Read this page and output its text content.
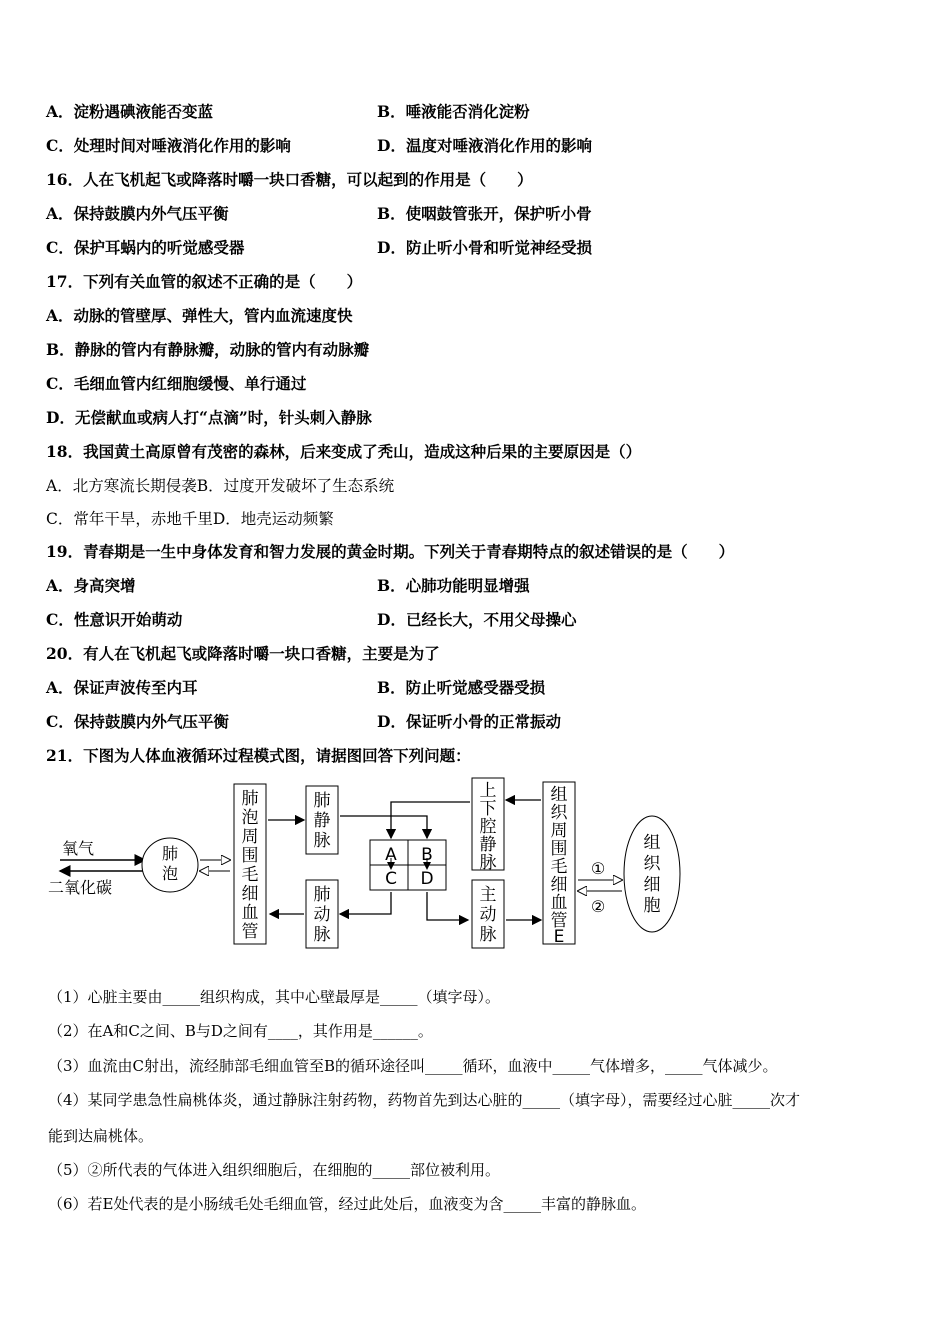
A．淀粉遇碘液能否变蓝	B．唾液能否消化淀粉
C．处理时间对唾液消化作用的影响	D．温度对唾液消化作用的影响
16．人在飞机起飞或降落时嚼一块口香糖，可以起到的作用是（　　）
A．保持鼓膜内外气压平衡	B．使咽鼓管张开，保护听小骨
C．保护耳蜗内的听觉感受器	D．防止听小骨和听觉神经受损
17．下列有关血管的叙述不正确的是（　　）
A．动脉的管壁厚、弹性大，管内血流速度快
B．静脉的管内有静脉瓣，动脉的管内有动脉瓣
C．毛细血管内红细胞缓慢、单行通过
D．无偿献血或病人打“点滴”时，针头刺入静脉
18．我国黄土高原曾有茂密的森林，后来变成了秃山，造成这种后果的主要原因是（）
A．北方寒流长期侵袭B．过度开发破坏了生态系统
C．常年干旱，赤地千里D．地壳运动频繁
19．青春期是一生中身体发育和智力发展的黄金时期。下列关于青春期特点的叙述错误的是（　　）
A．身高突增	B．心肺功能明显增强
C．性意识开始萌动	D．已经长大，不用父母操心
20．有人在飞机起飞或降落时嚼一块口香糖，主要是为了
A．保证声波传至内耳	B．防止听觉感受器受损
C．保持鼓膜内外气压平衡	D．保证听小骨的正常振动
21．下图为人体血液循环过程模式图，请据图回答下列问题：
氧气
二氧化碳
肺
泡
肺
泡
周
围
毛
细
血
管
肺
静
脉
肺
动
脉
A B
C D
上
下
腔
静
脉
主
动
脉
组
织
周
围
毛
细
血
管
E
①
②
组
织
细
胞
（1）心脏主要由_____组织构成，其中心壁最厚是_____（填字母）。
（2）在A和C之间、B与D之间有____，其作用是______。
（3）血流由C射出，流经肺部毛细血管至B的循环途径叫_____循环，血液中_____气体增多，_____气体减少。
（4）某同学患急性扁桃体炎，通过静脉注射药物，药物首先到达心脏的_____（填字母），需要经过心脏_____次才
能到达扁桃体。
（5）②所代表的气体进入组织细胞后，在细胞的_____部位被利用。
（6）若E处代表的是小肠绒毛处毛细血管，经过此处后，血液变为含_____丰富的静脉血。
